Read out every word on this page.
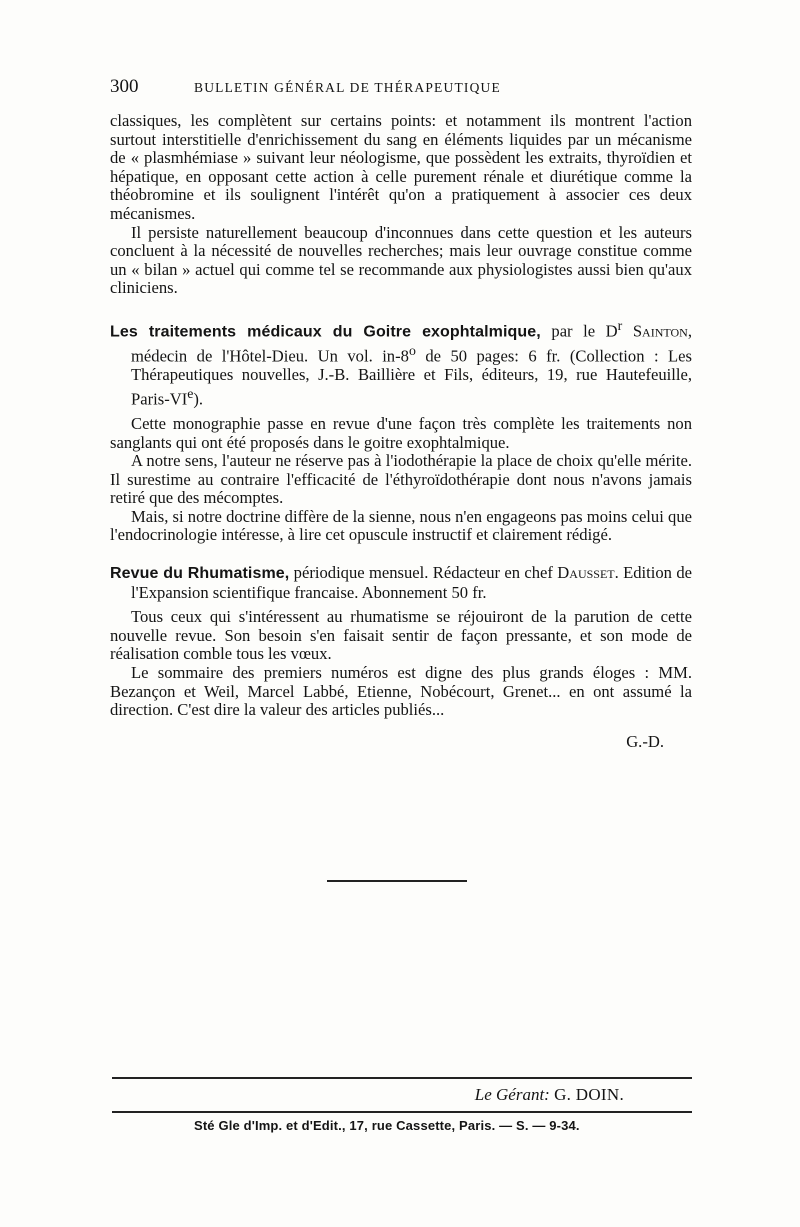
300	BULLETIN GÉNÉRAL DE THÉRAPEUTIQUE

classiques, les complètent sur certains points: et notamment ils montrent l'action surtout interstitielle d'enrichissement du sang en éléments liquides par un mécanisme de « plasmhémiase » suivant leur néologisme, que possèdent les extraits, thyroïdien et hépatique, en opposant cette action à celle purement rénale et diurétique comme la théobromine et ils soulignent l'intérêt qu'on a pratiquement à associer ces deux mécanismes.

Il persiste naturellement beaucoup d'inconnues dans cette question et les auteurs concluent à la nécessité de nouvelles recherches; mais leur ouvrage constitue comme un « bilan » actuel qui comme tel se recommande aux physiologistes aussi bien qu'aux cliniciens.

Les traitements médicaux du Goitre exophtalmique, par le $D^r$ Sainton, médecin de l'Hôtel-Dieu. Un vol. in-8$^o$ de 50 pages: 6 fr. (Collection : Les Thérapeutiques nouvelles, J.-B. Baillière et Fils, éditeurs, 19, rue Hautefeuille, Paris-VIe).

Cette monographie passe en revue d'une façon très complète les traitements non sanglants qui ont été proposés dans le goitre exophtalmique.

A notre sens, l'auteur ne réserve pas à l'iodothérapie la place de choix qu'elle mérite. Il surestime au contraire l'efficacité de l'éthyroïdothérapie dont nous n'avons jamais retiré que des mécomptes.

Mais, si notre doctrine diffère de la sienne, nous n'en engageons pas moins celui que l'endocrinologie intéresse, à lire cet opuscule instructif et clairement rédigé.

Revue du Rhumatisme, périodique mensuel. Rédacteur en chef Dausset. Edition de l'Expansion scientifique francaise. Abonnement 50 fr.

Tous ceux qui s'intéressent au rhumatisme se réjouiront de la parution de cette nouvelle revue. Son besoin s'en faisait sentir de façon pressante, et son mode de réalisation comble tous les vœux.

Le sommaire des premiers numéros est digne des plus grands éloges : MM. Bezançon et Weil, Marcel Labbé, Etienne, Nobécourt, Grenet... en ont assumé la direction. C'est dire la valeur des articles publiés...

G.-D.
Le Gérant: G. DOIN.
Sté Gle d'Imp. et d'Edit., 17, rue Cassette, Paris. — S. — 9-34.
